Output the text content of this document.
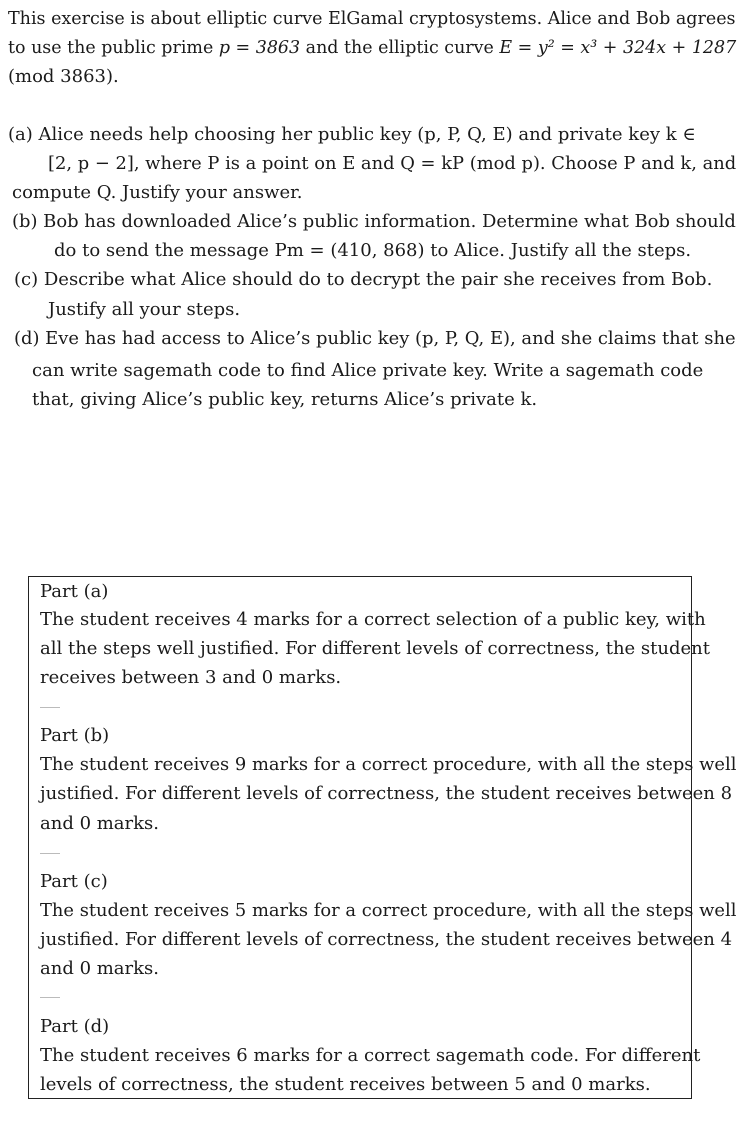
This exercise is about elliptic curve ElGamal cryptosystems. Alice and Bob agrees
to use the public prime p = 3863 and the elliptic curve E = y² = x³ + 324x + 1287
(mod 3863).
(a) Alice needs help choosing her public key (p, P, Q, E) and private key k ∈
[2, p − 2], where P is a point on E and Q = kP (mod p). Choose P and k, and
compute Q. Justify your answer.
(b) Bob has downloaded Alice’s public information. Determine what Bob should
do to send the message Pm = (410, 868) to Alice. Justify all the steps.
(c) Describe what Alice should do to decrypt the pair she receives from Bob.
Justify all your steps.
(d) Eve has had access to Alice’s public key (p, P, Q, E), and she claims that she
can write sagemath code to find Alice private key. Write a sagemath code
that, giving Alice’s public key, returns Alice’s private k.
Part (a)
The student receives 4 marks for a correct selection of a public key, with
all the steps well justified. For different levels of correctness, the student
receives between 3 and 0 marks.
Part (b)
The student receives 9 marks for a correct procedure, with all the steps well
justified. For different levels of correctness, the student receives between 8
and 0 marks.
Part (c)
The student receives 5 marks for a correct procedure, with all the steps well
justified. For different levels of correctness, the student receives between 4
and 0 marks.
Part (d)
The student receives 6 marks for a correct sagemath code. For different
levels of correctness, the student receives between 5 and 0 marks.
